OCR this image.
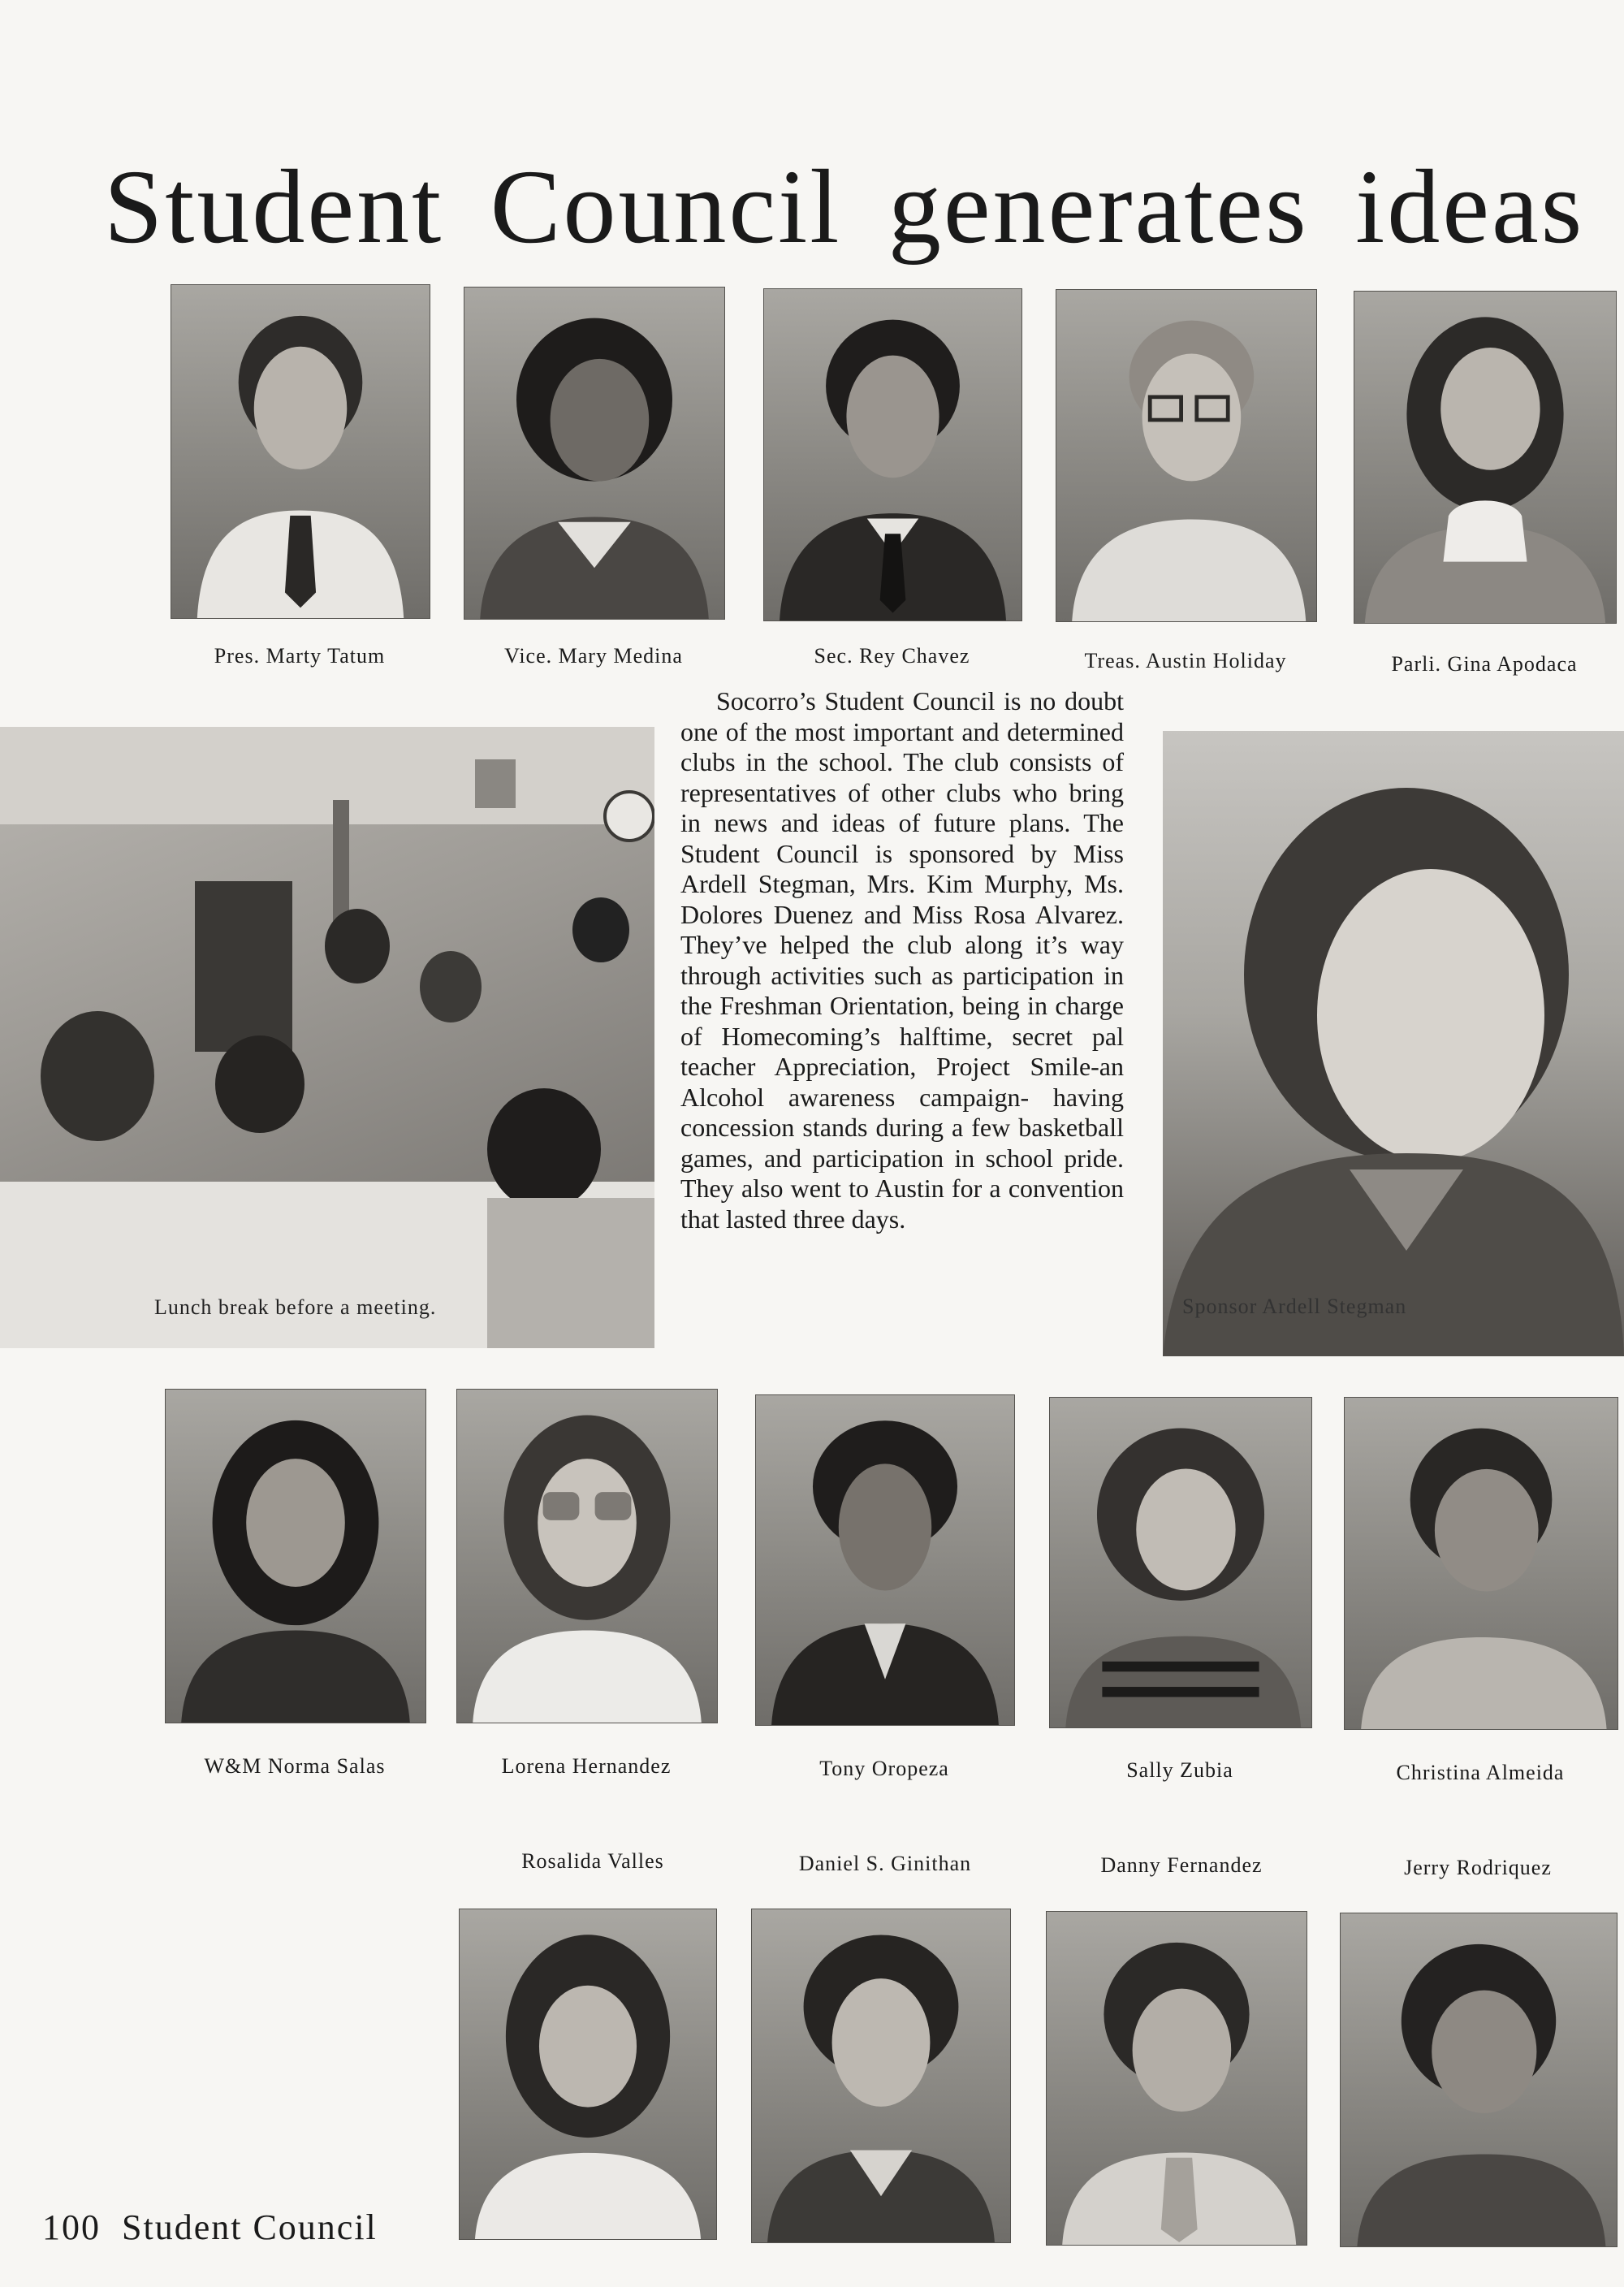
Student Council generates ideas
Pres. Marty Tatum	Vice. Mary Medina	Sec. Rey Chavez	Treas. Austin Holiday	Parli. Gina Apodaca
Lunch break before a meeting.
Socorro’s Student Council is no doubt one of the most important and determined clubs in the school. The club consists of representatives of other clubs who bring in news and ideas of future plans. The Student Council is sponsored by Miss Ardell Stegman, Mrs. Kim Murphy, Ms. Dolores Duenez and Miss Rosa Alvarez. They’ve helped the club along it’s way through activities such as participation in the Freshman Orientation, being in charge of Homecoming’s halftime, secret pal teacher Appreciation, Project Smile-an Alcohol awareness campaign- having concession stands during a few basketball games, and participation in school pride. They also went to Austin for a convention that lasted three days.
Sponsor Ardell Stegman
W&M Norma Salas	Lorena Hernandez	Tony Oropeza	Sally Zubia	Christina Almeida
Rosalida Valles	Daniel S. Ginithan	Danny Fernandez	Jerry Rodriquez
100 Student Council
